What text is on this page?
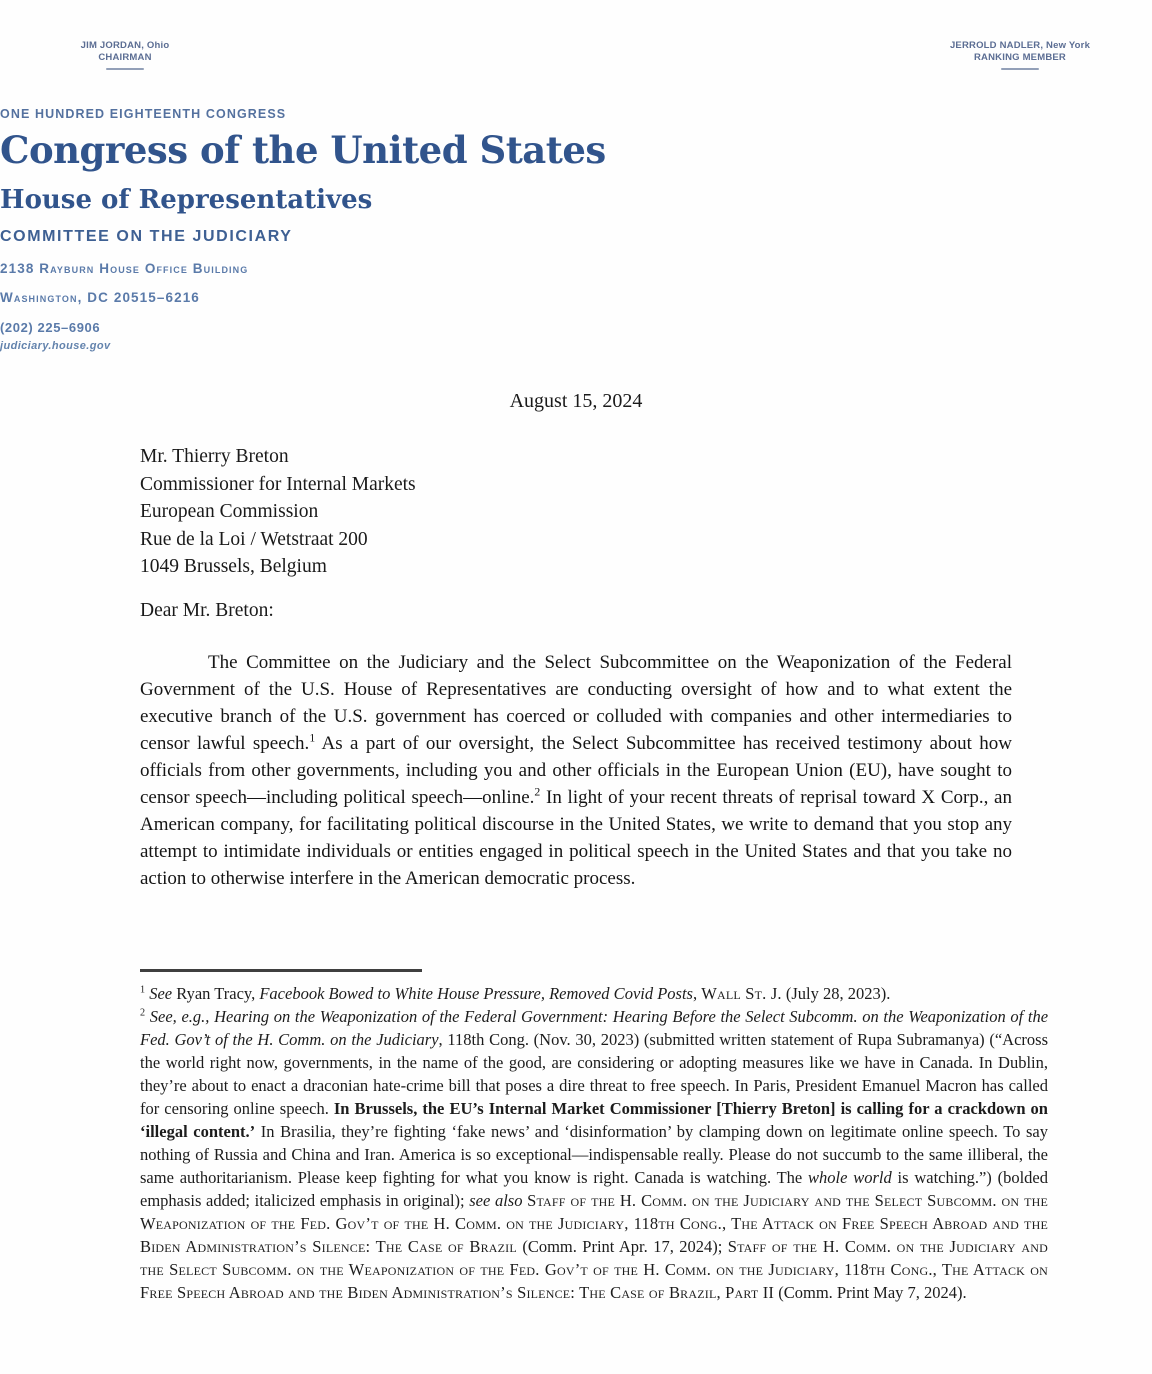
JIM JORDAN, Ohio
CHAIRMAN
JERROLD NADLER, New York
RANKING MEMBER
ONE HUNDRED EIGHTEENTH CONGRESS
Congress of the United States
House of Representatives
COMMITTEE ON THE JUDICIARY
2138 Rayburn House Office Building
Washington, DC 20515–6216
(202) 225–6906
judiciary.house.gov
August 15, 2024
Mr. Thierry Breton
Commissioner for Internal Markets
European Commission
Rue de la Loi / Wetstraat 200
1049 Brussels, Belgium
Dear Mr. Breton:
The Committee on the Judiciary and the Select Subcommittee on the Weaponization of the Federal Government of the U.S. House of Representatives are conducting oversight of how and to what extent the executive branch of the U.S. government has coerced or colluded with companies and other intermediaries to censor lawful speech.$^1$ As a part of our oversight, the Select Subcommittee has received testimony about how officials from other governments, including you and other officials in the European Union (EU), have sought to censor speech—including political speech—online.$^2$ In light of your recent threats of reprisal toward X Corp., an American company, for facilitating political discourse in the United States, we write to demand that you stop any attempt to intimidate individuals or entities engaged in political speech in the United States and that you take no action to otherwise interfere in the American democratic process.

$^1$ See Ryan Tracy, Facebook Bowed to White House Pressure, Removed Covid Posts, Wall St. J. (July 28, 2023).

$^2$ See, e.g., Hearing on the Weaponization of the Federal Government: Hearing Before the Select Subcomm. on the Weaponization of the Fed. Gov’t of the H. Comm. on the Judiciary, 118th Cong. (Nov. 30, 2023) (submitted written statement of Rupa Subramanya) (“Across the world right now, governments, in the name of the good, are considering or adopting measures like we have in Canada. In Dublin, they’re about to enact a draconian hate-crime bill that poses a dire threat to free speech. In Paris, President Emanuel Macron has called for censoring online speech. In Brussels, the EU’s Internal Market Commissioner [Thierry Breton] is calling for a crackdown on ‘illegal content.’ In Brasilia, they’re fighting ‘fake news’ and ‘disinformation’ by clamping down on legitimate online speech. To say nothing of Russia and China and Iran. America is so exceptional—indispensable really. Please do not succumb to the same illiberal, the same authoritarianism. Please keep fighting for what you know is right. Canada is watching. The whole world is watching.”) (bolded emphasis added; italicized emphasis in original); see also Staff of the H. Comm. on the Judiciary and the Select Subcomm. on the Weaponization of the Fed. Gov’t of the H. Comm. on the Judiciary, 118th Cong., The Attack on Free Speech Abroad and the Biden Administration’s Silence: The Case of Brazil (Comm. Print Apr. 17, 2024); Staff of the H. Comm. on the Judiciary and the Select Subcomm. on the Weaponization of the Fed. Gov’t of the H. Comm. on the Judiciary, 118th Cong., The Attack on Free Speech Abroad and the Biden Administration’s Silence: The Case of Brazil, Part II (Comm. Print May 7, 2024).
